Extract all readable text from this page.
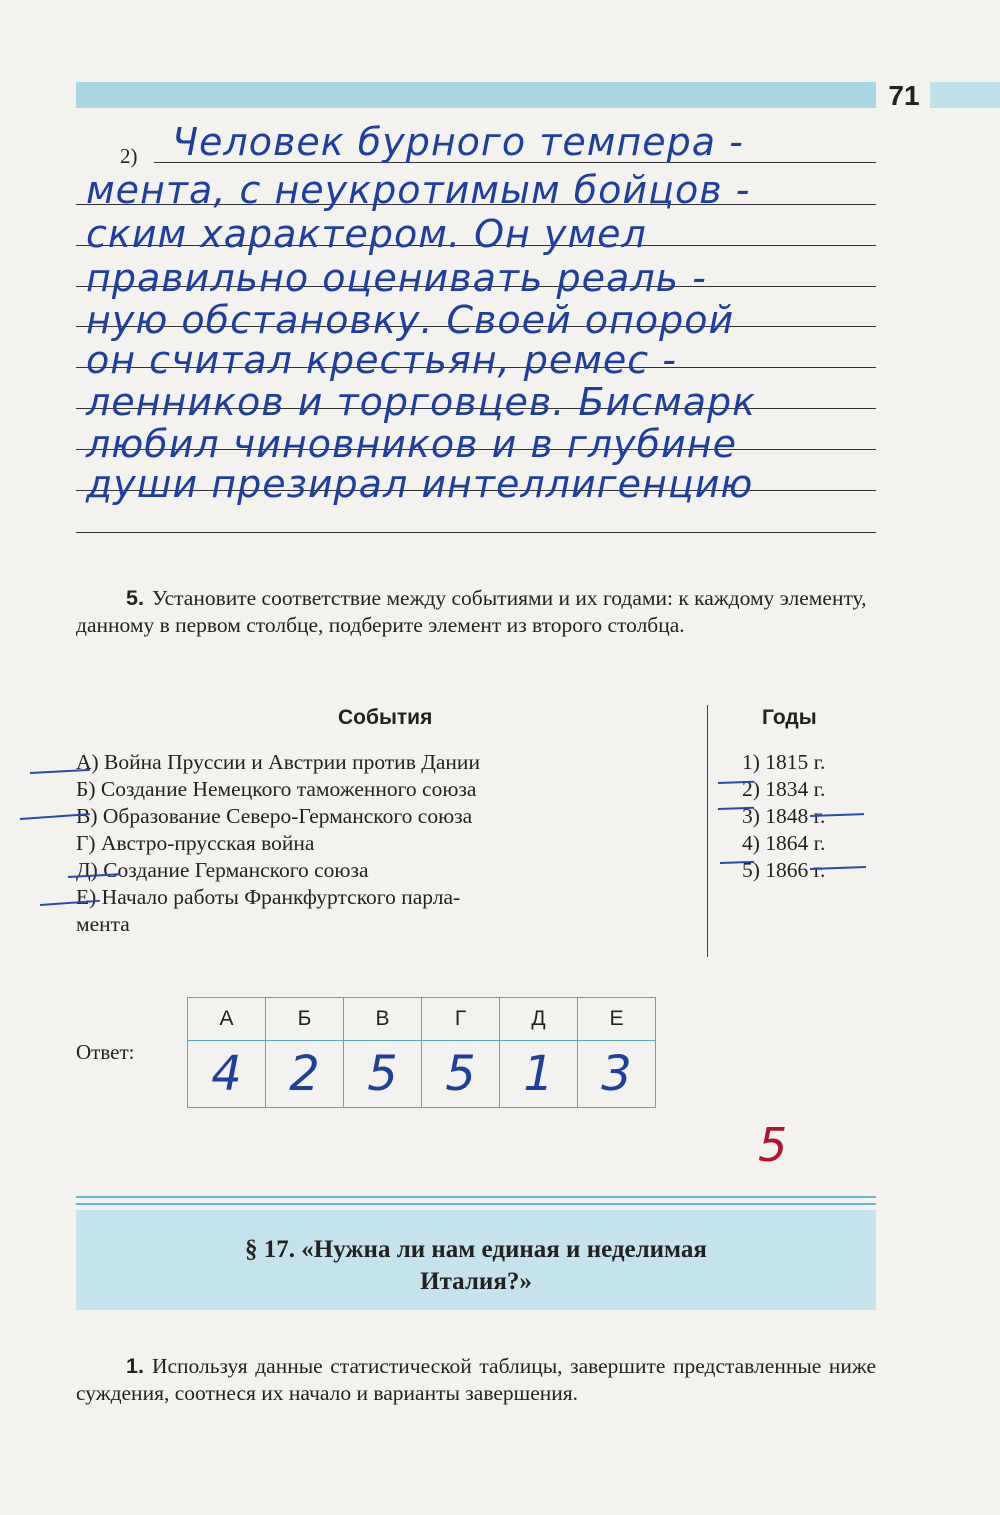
71
2) Человек бурного темпера -
мента, с неукротимым бойцов -
ским характером. Он умел
правильно оценивать реаль -
ную обстановку. Своей опорой
он считал крестьян, ремес -
ленников и торговцев. Бисмарк
любил чиновников и в глубине
души презирал интеллигенцию
5. Установите соответствие между событиями и их годами: к каждому элементу, данному в первом столбце, подберите элемент из второго столбца.
События	Годы
А) Война Пруссии и Австрии против Дании
Б) Создание Немецкого таможенного союза
В) Образование Северо-Германского союза
Г) Австро-прусская война
Д) Создание Германского союза
Е) Начало работы Франкфуртского парла-
мента
1) 1815 г.
2) 1834 г.
3) 1848 г.
4) 1864 г.
5) 1866 г.
Ответ:
А	Б	В	Г	Д	Е
4	2	5	5	1	3
5
§ 17. «Нужна ли нам единая и неделимая
Италия?»
1. Используя данные статистической таблицы, завершите представленные ниже суждения, соотнеся их начало и варианты завершения.
